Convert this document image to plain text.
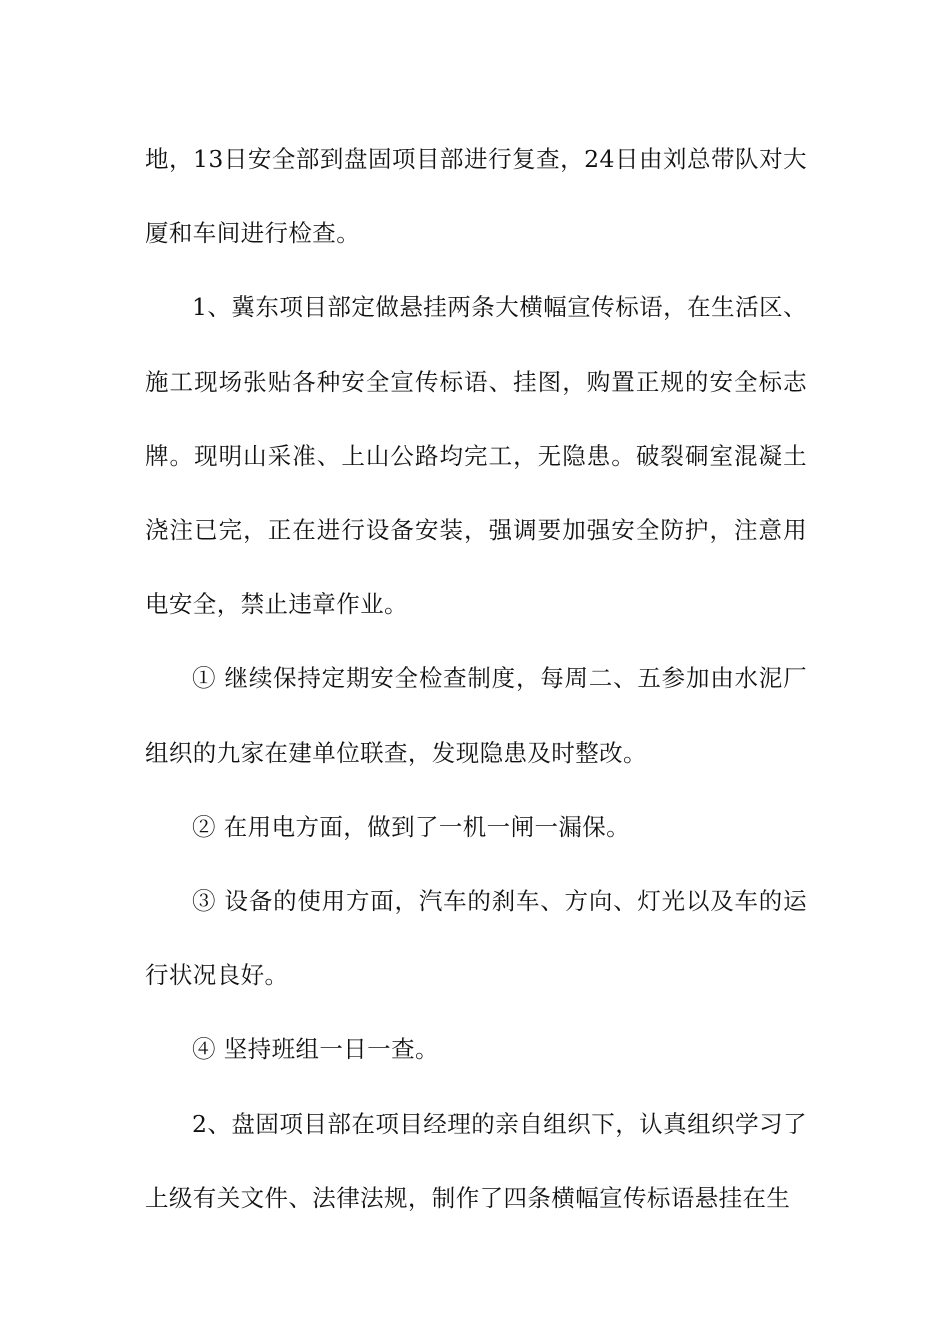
地，13日安全部到盘固项目部进行复查，24日由刘总带队对大厦和车间进行检查。

1、冀东项目部定做悬挂两条大横幅宣传标语，在生活区、施工现场张贴各种安全宣传标语、挂图，购置正规的安全标志牌。现明山采准、上山公路均完工，无隐患。破裂硐室混凝土浇注已完，正在进行设备安装，强调要加强安全防护，注意用电安全，禁止违章作业。

① 继续保持定期安全检查制度，每周二、五参加由水泥厂组织的九家在建单位联查，发现隐患及时整改。

② 在用电方面，做到了一机一闸一漏保。

③ 设备的使用方面，汽车的刹车、方向、灯光以及车的运行状况良好。

④ 坚持班组一日一查。

2、盘固项目部在项目经理的亲自组织下，认真组织学习了上级有关文件、法律法规，制作了四条横幅宣传标语悬挂在生
